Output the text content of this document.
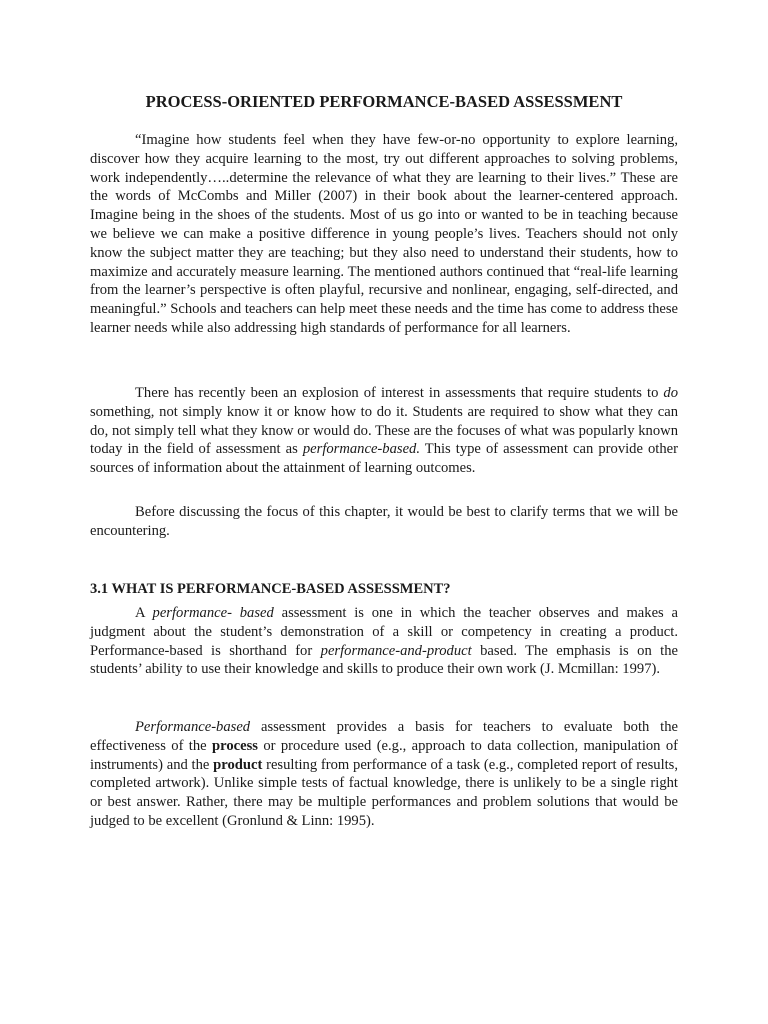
PROCESS-ORIENTED PERFORMANCE-BASED ASSESSMENT

“Imagine how students feel when they have few-or-no opportunity to explore learning, discover how they acquire learning to the most, try out different approaches to solving problems, work independently…..determine the relevance of what they are learning to their lives.” These are the words of McCombs and Miller (2007) in their book about the learner-centered approach. Imagine being in the shoes of the students. Most of us go into or wanted to be in teaching because we believe we can make a positive difference in young people’s lives. Teachers should not only know the subject matter they are teaching; but they also need to understand their students, how to maximize and accurately measure learning. The mentioned authors continued that “real-life learning from the learner’s perspective is often playful, recursive and nonlinear, engaging, self-directed, and meaningful.” Schools and teachers can help meet these needs and the time has come to address these learner needs while also addressing high standards of performance for all learners.

There has recently been an explosion of interest in assessments that require students to do something, not simply know it or know how to do it. Students are required to show what they can do, not simply tell what they know or would do. These are the focuses of what was popularly known today in the field of assessment as performance-based. This type of assessment can provide other sources of information about the attainment of learning outcomes.

Before discussing the focus of this chapter, it would be best to clarify terms that we will be encountering.

3.1 WHAT IS PERFORMANCE-BASED ASSESSMENT?

A performance- based assessment is one in which the teacher observes and makes a judgment about the student’s demonstration of a skill or competency in creating a product. Performance-based is shorthand for performance-and-product based. The emphasis is on the students’ ability to use their knowledge and skills to produce their own work (J. Mcmillan: 1997).

Performance-based assessment provides a basis for teachers to evaluate both the effectiveness of the process or procedure used (e.g., approach to data collection, manipulation of instruments) and the product resulting from performance of a task (e.g., completed report of results, completed artwork). Unlike simple tests of factual knowledge, there is unlikely to be a single right or best answer. Rather, there may be multiple performances and problem solutions that would be judged to be excellent (Gronlund & Linn: 1995).
